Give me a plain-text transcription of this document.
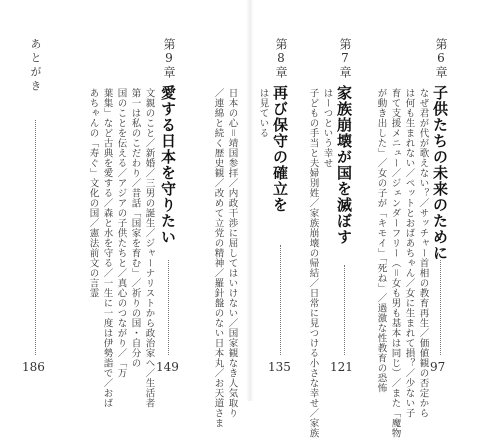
第6章
子供たちの未来のために
なぜ君が代が歌えない？／サッチャー首相の教育再生／価値観の否定から
は何も生まれない／ペットとおばあちゃん／女に生まれて損？／少ない子
育て支援メニュー／ジェンダーフリー（＝女も男も基本は同じ）／また「魔物
が動き出した」／女の子が「キモイ」「死ね」／過激な性教育の恐怖	97
第7章
家族崩壊が国を滅ぼす
はーつという幸せ
子どもの手当と夫婦別姓／家族崩壊の帰結／日常に見つける小さな幸せ／家族 121
第8章
再び保守の確立を
は見ている
日本の心＝靖国参拝／内政干渉に屈してはいけない／国家観なき人気取り
／連綿と続く歴史観／改めて立党の精神／羅針盤のない日本丸／お天道さま	135
第9章
愛する日本を守りたい
文親のこと／新婚／三男の誕生／ジャーナリストから政治家へ／生活者
第一は私のこだわり／昔話「国家を育む」／祈りの国・自分の
国のことを伝える／アジアの子供たちと／真心のつながり／「万
葉集」など古典を愛する／森と水を守る／一生に一度は伊勢詣で／おば
あちゃんの「寿ぐ」文化の国／憲法前文の言霊
149
あとがき
186
